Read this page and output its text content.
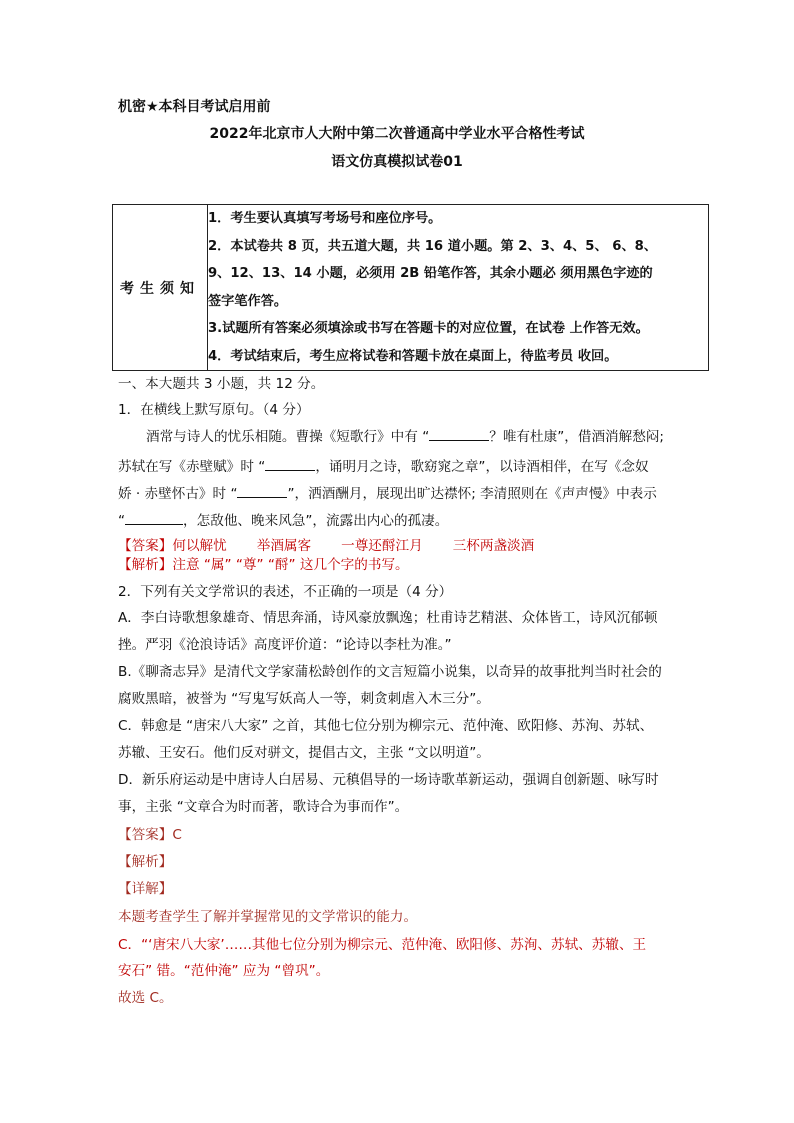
机密★本科目考试启用前
2022年北京市人大附中第二次普通高中学业水平合格性考试
语文仿真模拟试卷01
考生须知	
1．考生要认真填写考场号和座位序号。
2．本试卷共 8 页，共五道大题，共 16 道小题。第 2、3、4、5、 6、8、
9、12、13、14 小题，必须用 2B 铅笔作答，其余小题必 须用黑色字迹的
签字笔作答。
3.试题所有答案必须填涂或书写在答题卡的对应位置，在试卷 上作答无效。
4．考试结束后，考生应将试卷和答题卡放在桌面上，待监考员 收回。
一、本大题共 3 小题，共 12 分。
1．在横线上默写原句。（4 分）
酒常与诗人的忧乐相随。曹操《短歌行》中有 “	？唯有杜康”，借酒消解愁闷;
苏轼在写《赤壁赋》时 “	，诵明月之诗，歌窈窕之章”，以诗酒相伴，在写《念奴
娇 · 赤壁怀古》时 “	”，洒酒酬月，展现出旷达襟怀; 李清照则在《声声慢》中表示
“	，怎敌他、晚来风急”，流露出内心的孤凄。
【答案】何以解忧 举酒属客 一尊还酹江月 三杯两盏淡酒
【解析】注意 “属” “尊” “酹” 这几个字的书写。
2．下列有关文学常识的表述，不正确的一项是（4 分）
A．李白诗歌想象雄奇、情思奔涌，诗风豪放飘逸；杜甫诗艺精湛、众体皆工，诗风沉郁顿
挫。严羽《沧浪诗话》高度评价道：“论诗以李杜为准。”
B.《聊斋志异》是清代文学家蒲松龄创作的文言短篇小说集，以奇异的故事批判当时社会的
腐败黑暗，被誉为 “写鬼写妖高人一等，刺贪刺虐入木三分”。
C．韩愈是 “唐宋八大家” 之首，其他七位分别为柳宗元、范仲淹、欧阳修、苏洵、苏轼、
苏辙、王安石。他们反对骈文，提倡古文，主张 “文以明道”。
D．新乐府运动是中唐诗人白居易、元稹倡导的一场诗歌革新运动，强调自创新题、咏写时
事，主张 “文章合为时而著，歌诗合为事而作”。
【答案】C
【解析】
【详解】
本题考查学生了解并掌握常见的文学常识的能力。
C．“‘唐宋八大家’……其他七位分别为柳宗元、范仲淹、欧阳修、苏洵、苏轼、苏辙、王
安石” 错。“范仲淹” 应为 “曾巩”。
故选 C。
